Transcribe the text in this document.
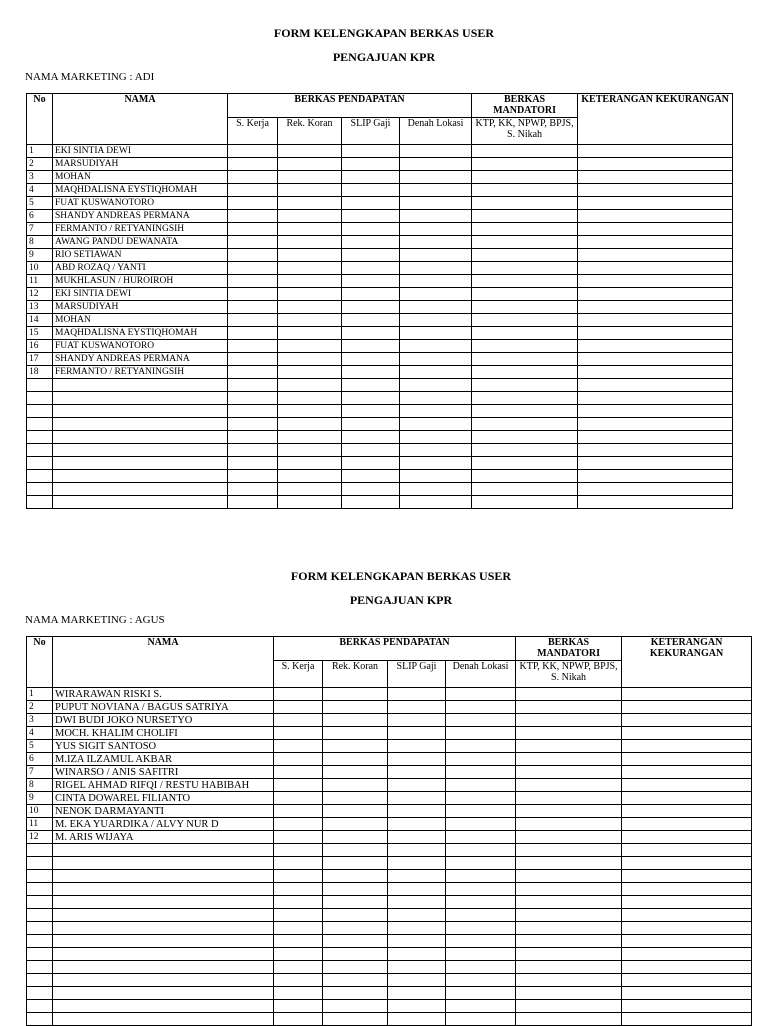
FORM KELENGKAPAN BERKAS USER
PENGAJUAN KPR
NAMA MARKETING : ADI
No	NAMA	BERKAS PENDAPATAN				BERKAS MANDATORI	KETERANGAN KEKURANGAN
		S. Kerja	Rek. Koran	SLIP Gaji	Denah Lokasi	KTP, KK, NPWP, BPJS, S. Nikah	
1	EKI SINTIA DEWI						
2	MARSUDIYAH						
3	MOHAN						
4	MAQHDALISNA EYSTIQHOMAH						
5	FUAT KUSWANOTORO						
6	SHANDY ANDREAS PERMANA						
7	FERMANTO / RETYANINGSIH						
8	AWANG PANDU DEWANATA						
9	RIO SETIAWAN						
10	ABD ROZAQ / YANTI						
11	MUKHLASUN / HUROIROH						
12	EKI SINTIA DEWI						
13	MARSUDIYAH						
14	MOHAN						
15	MAQHDALISNA EYSTIQHOMAH						
16	FUAT KUSWANOTORO						
17	SHANDY ANDREAS PERMANA						
18	FERMANTO / RETYANINGSIH						

FORM KELENGKAPAN BERKAS USER
PENGAJUAN KPR
NAMA MARKETING : AGUS
No	NAMA	BERKAS PENDAPATAN				BERKAS MANDATORI	KETERANGAN KEKURANGAN
		S. Kerja	Rek. Koran	SLIP Gaji	Denah Lokasi	KTP, KK, NPWP, BPJS, S. Nikah	
1	WIRARAWAN RISKI S.						
2	PUPUT NOVIANA / BAGUS SATRIYA						
3	DWI BUDI JOKO NURSETYO						
4	MOCH. KHALIM CHOLIFI						
5	YUS SIGIT SANTOSO						
6	M.IZA ILZAMUL AKBAR						
7	WINARSO / ANIS SAFITRI						
8	RIGEL AHMAD RIFQI / RESTU HABIBAH						
9	CINTA DOWAREL FILIANTO						
10	NENOK DARMAYANTI						
11	M. EKA YUARDIKA / ALVY NUR D						
12	M. ARIS WIJAYA						
